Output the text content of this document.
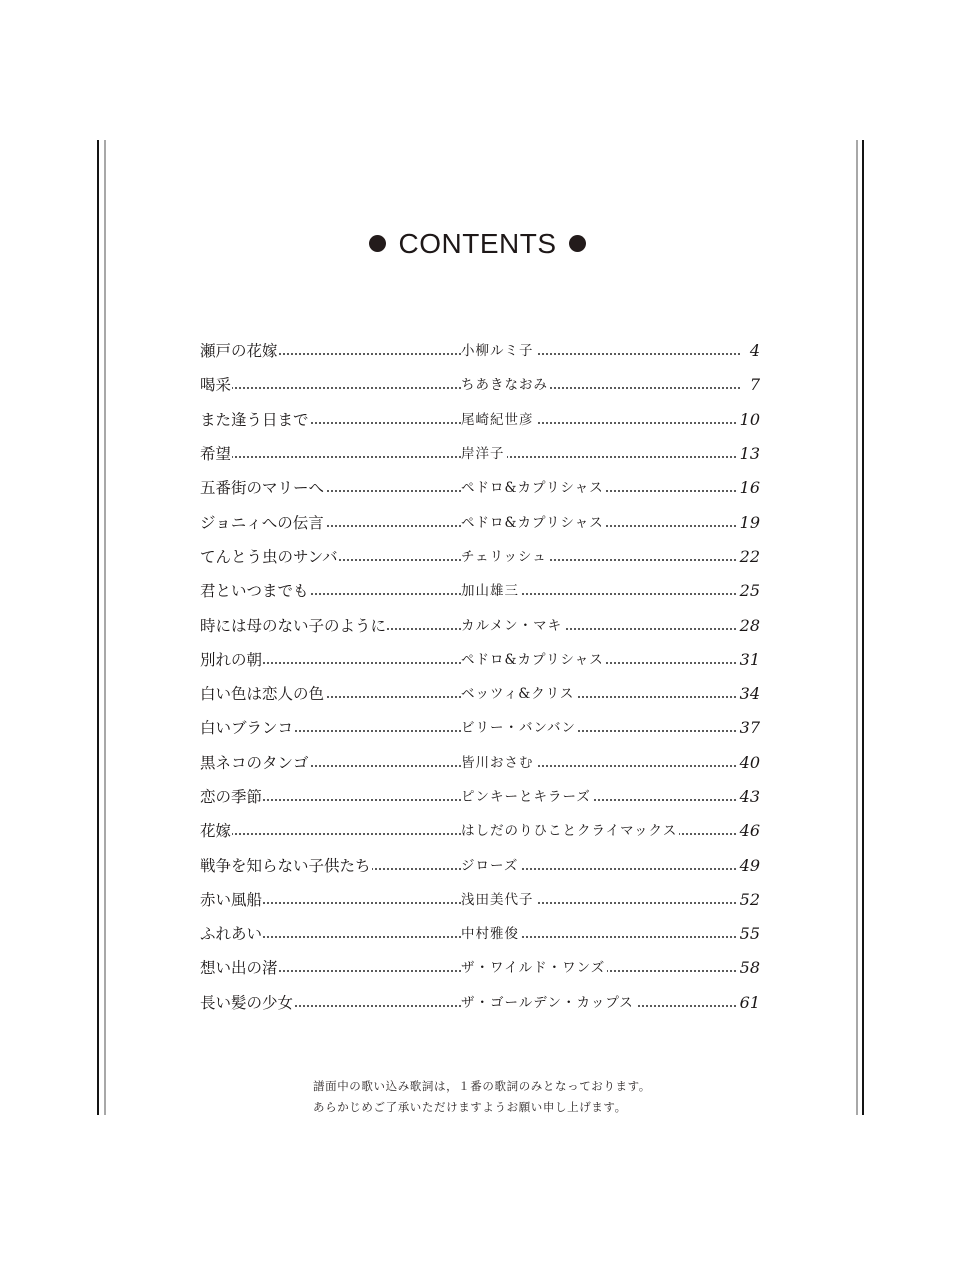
CONTENTS
瀬戸の花嫁	小柳ルミ子	4
喝采	ちあきなおみ	7
また逢う日まで	尾崎紀世彦	10
希望	岸洋子	13
五番街のマリーへ	ペドロ&カプリシャス	16
ジョニィへの伝言	ペドロ&カプリシャス	19
てんとう虫のサンバ	チェリッシュ	22
君といつまでも	加山雄三	25
時には母のない子のように	カルメン・マキ	28
別れの朝	ペドロ&カプリシャス	31
白い色は恋人の色	ベッツィ&クリス	34
白いブランコ	ビリー・バンバン	37
黒ネコのタンゴ	皆川おさむ	40
恋の季節	ピンキーとキラーズ	43
花嫁	はしだのりひことクライマックス	46
戦争を知らない子供たち	ジローズ	49
赤い風船	浅田美代子	52
ふれあい	中村雅俊	55
想い出の渚	ザ・ワイルド・ワンズ	58
長い髪の少女	ザ・ゴールデン・カップス	61
譜面中の歌い込み歌詞は，１番の歌詞のみとなっております。
あらかじめご了承いただけますようお願い申し上げます。
